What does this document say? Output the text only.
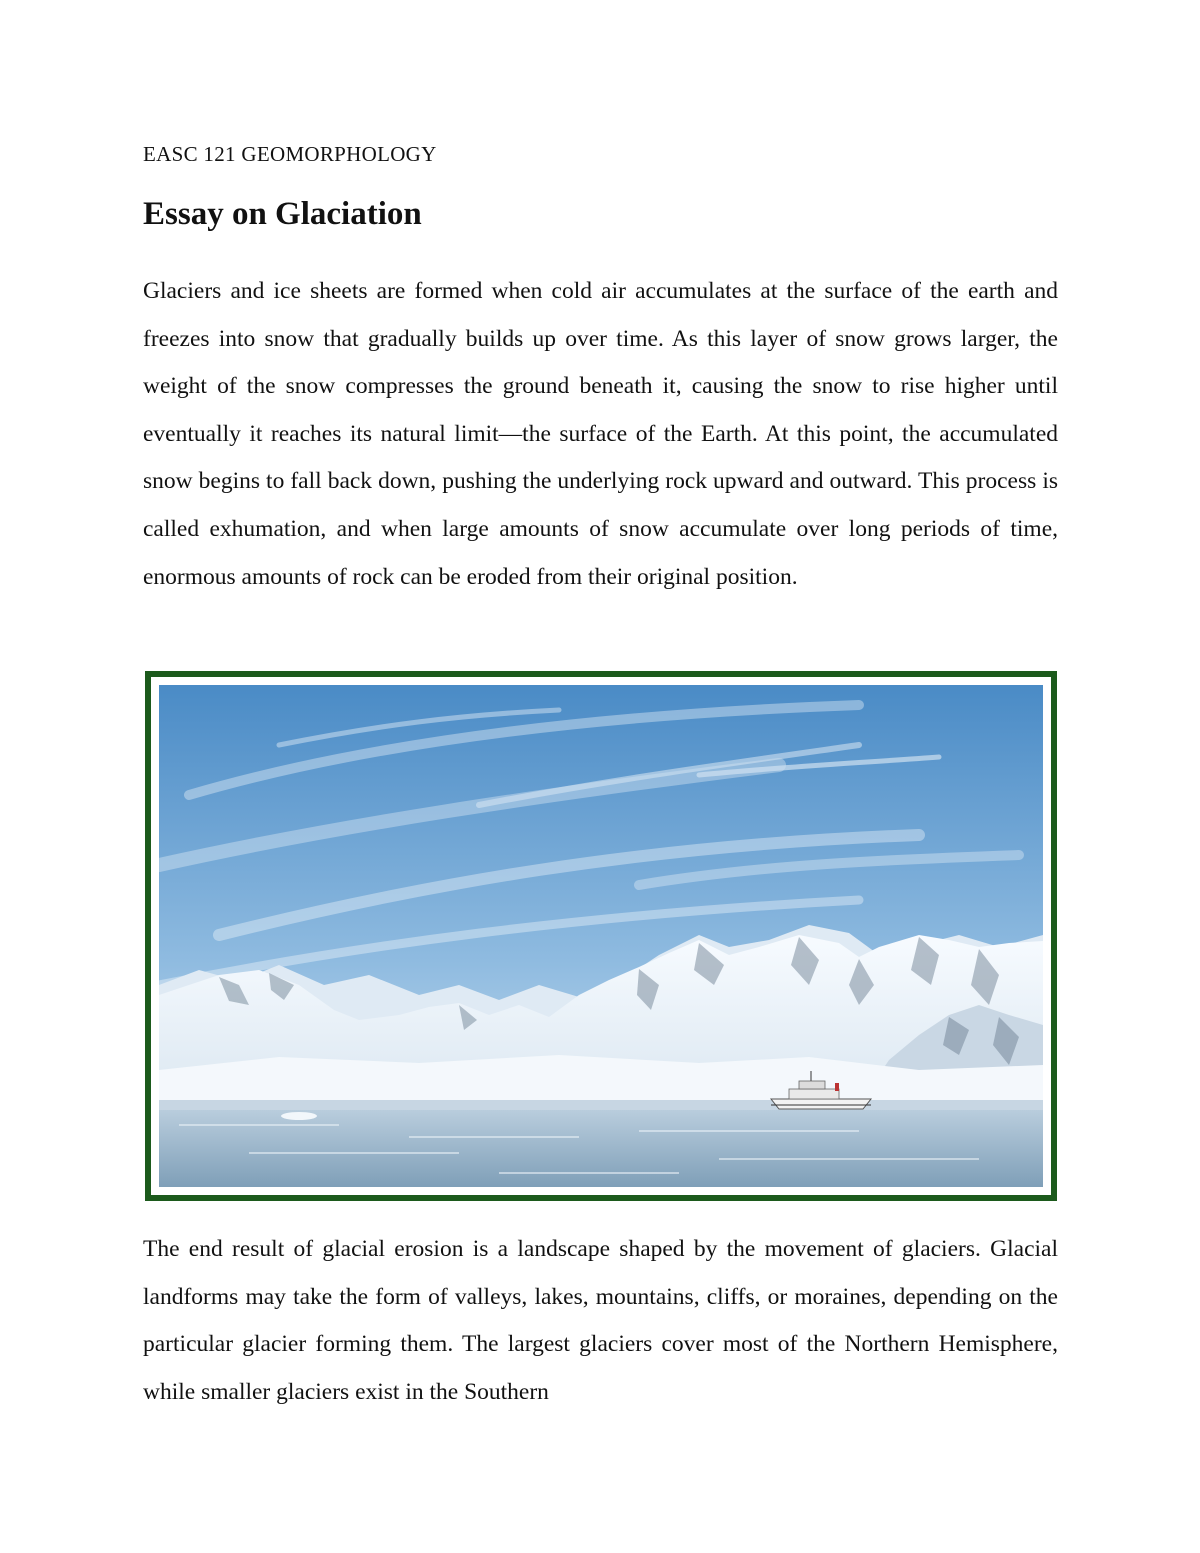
EASC 121 GEOMORPHOLOGY
Essay on Glaciation

Glaciers and ice sheets are formed when cold air accumulates at the surface of the earth and freezes into snow that gradually builds up over time. As this layer of snow grows larger, the weight of the snow compresses the ground beneath it, causing the snow to rise higher until eventually it reaches its natural limit—the surface of the Earth. At this point, the accumulated snow begins to fall back down, pushing the underlying rock upward and outward. This process is called exhumation, and when large amounts of snow accumulate over long periods of time, enormous amounts of rock can be eroded from their original position.

The end result of glacial erosion is a landscape shaped by the movement of glaciers. Glacial landforms may take the form of valleys, lakes, mountains, cliffs, or moraines, depending on the particular glacier forming them. The largest glaciers cover most of the Northern Hemisphere, while smaller glaciers exist in the Southern
